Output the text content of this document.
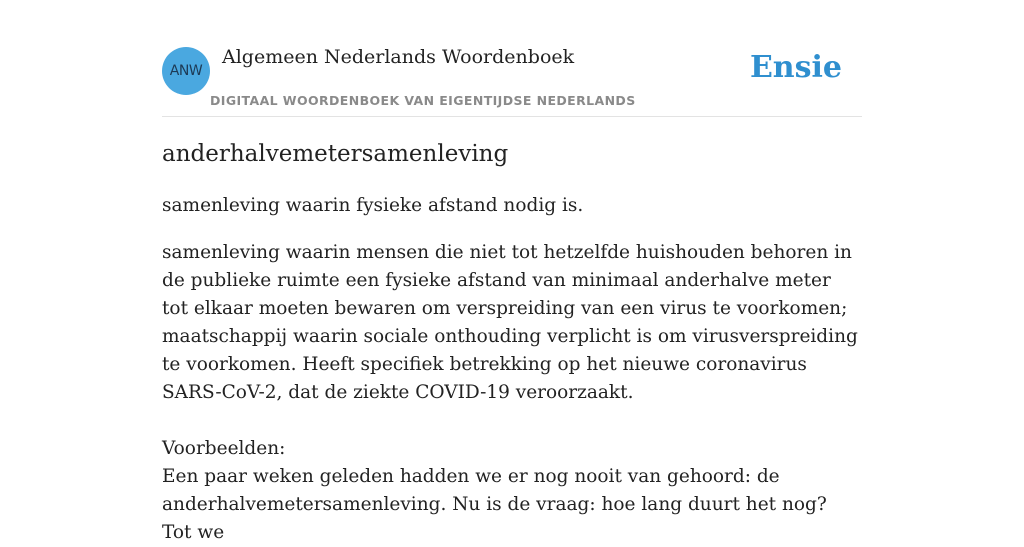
ANW
Algemeen Nederlands Woordenboek
DIGITAAL WOORDENBOEK VAN EIGENTIJDSE NEDERLANDS
Ensie
anderhalvemetersamenleving

samenleving waarin fysieke afstand nodig is.

samenleving waarin mensen die niet tot hetzelfde huishouden behoren in de publieke ruimte een fysieke afstand van minimaal anderhalve meter tot elkaar moeten bewaren om verspreiding van een virus te voorkomen; maatschappij waarin sociale onthouding verplicht is om virusverspreiding te voorkomen. Heeft specifiek betrekking op het nieuwe coronavirus SARS-CoV-2, dat de ziekte COVID-19 veroorzaakt.

Voorbeelden:

Een paar weken geleden hadden we er nog nooit van gehoord: de anderhalvemetersamenleving. Nu is de vraag: hoe lang duurt het nog? Tot we
